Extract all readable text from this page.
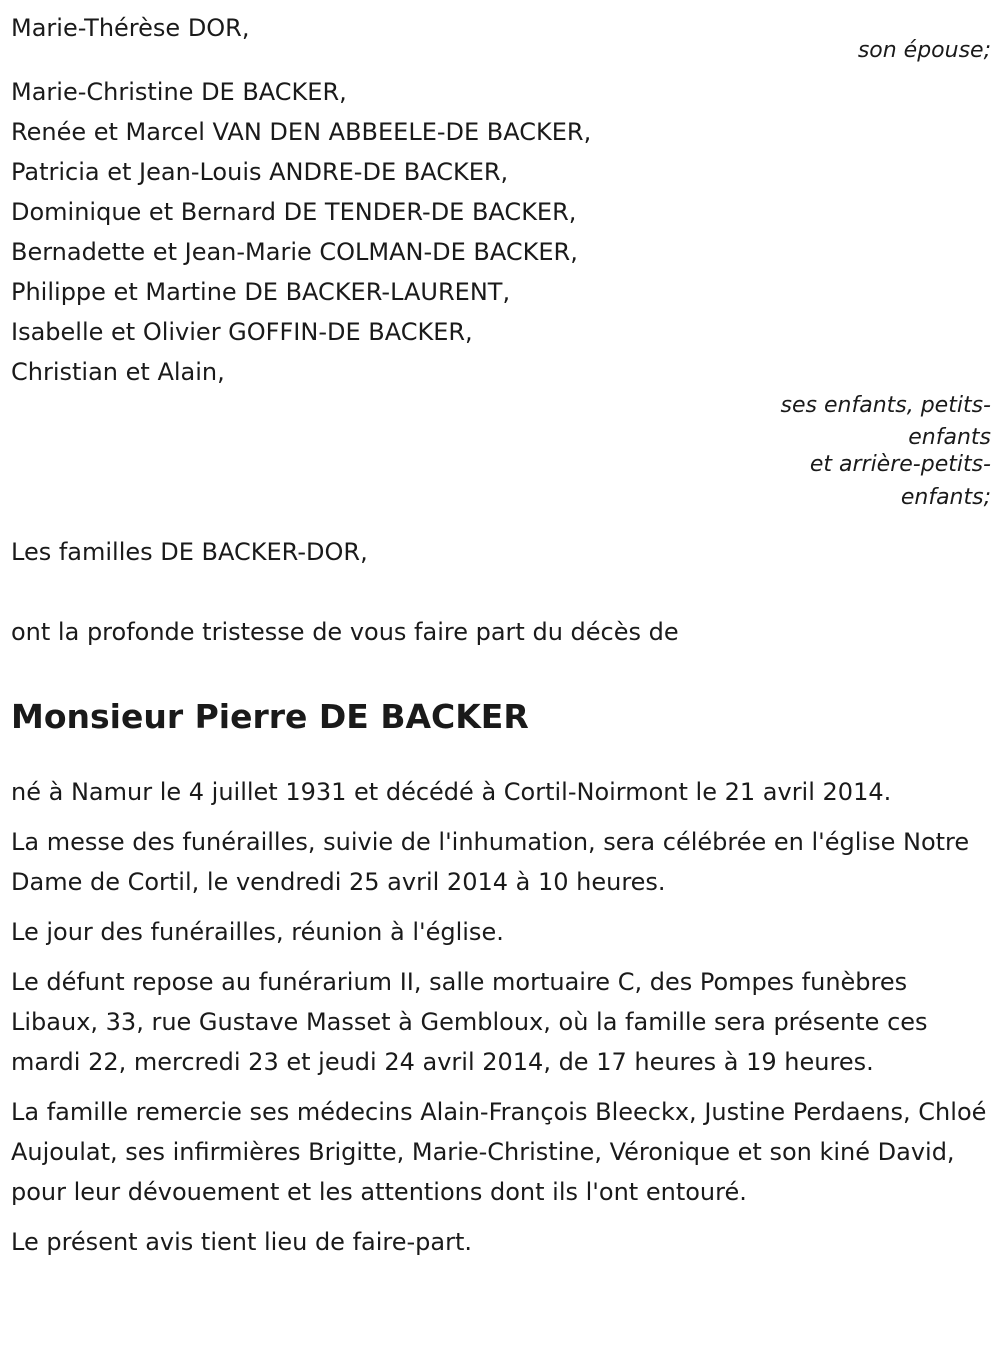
Marie-Thérèse DOR,
son épouse;
Marie-Christine DE BACKER,
Renée et Marcel VAN DEN ABBEELE-DE BACKER,
Patricia et Jean-Louis ANDRE-DE BACKER,
Dominique et Bernard DE TENDER-DE BACKER,
Bernadette et Jean-Marie COLMAN-DE BACKER,
Philippe et Martine DE BACKER-LAURENT,
Isabelle et Olivier GOFFIN-DE BACKER,
Christian et Alain,
ses enfants, petits-
enfants
et arrière-petits-
enfants;
Les familles DE BACKER-DOR,
ont la profonde tristesse de vous faire part du décès de
Monsieur Pierre DE BACKER

né à Namur le 4 juillet 1931 et décédé à Cortil-Noirmont le 21 avril 2014.

La messe des funérailles, suivie de l'inhumation, sera célébrée en l'église Notre Dame de Cortil, le vendredi 25 avril 2014 à 10 heures.

Le jour des funérailles, réunion à l'église.

Le défunt repose au funérarium II, salle mortuaire C, des Pompes funèbres Libaux, 33, rue Gustave Masset à Gembloux, où la famille sera présente ces mardi 22, mercredi 23 et jeudi 24 avril 2014, de 17 heures à 19 heures.

La famille remercie ses médecins Alain-François Bleeckx, Justine Perdaens, Chloé Aujoulat, ses infirmières Brigitte, Marie-Christine, Véronique et son kiné David, pour leur dévouement et les attentions dont ils l'ont entouré.

Le présent avis tient lieu de faire-part.
